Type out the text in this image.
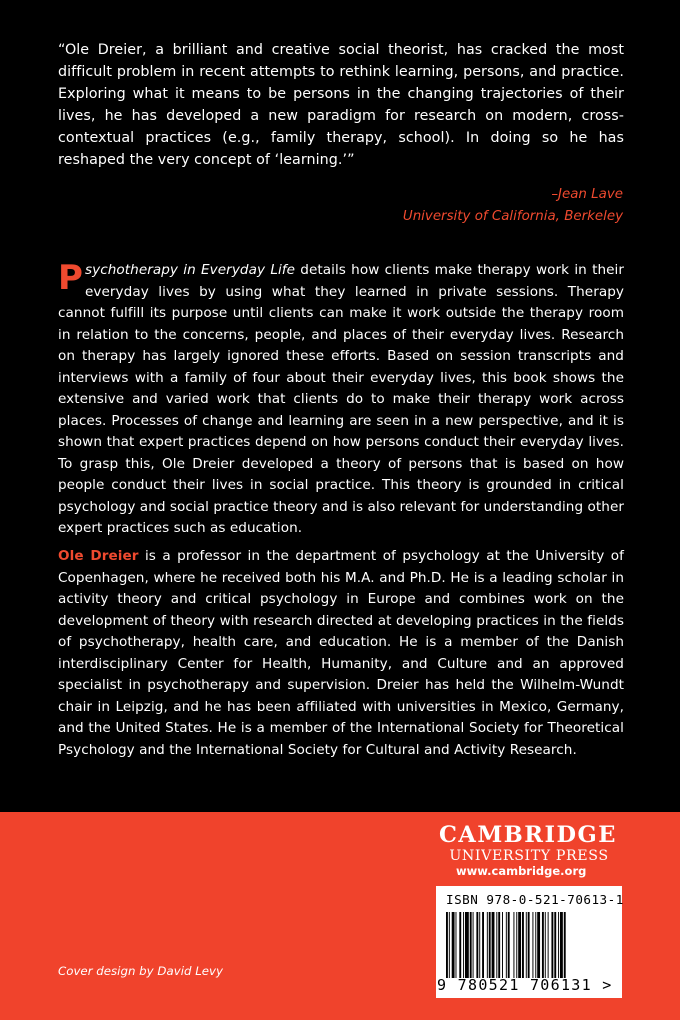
“Ole Dreier, a brilliant and creative social theorist, has cracked the most difficult problem in recent attempts to rethink learning, persons, and practice. Exploring what it means to be persons in the changing trajectories of their lives, he has developed a new paradigm for research on modern, cross-contextual practices (e.g., family therapy, school). In doing so he has reshaped the very concept of ‘learning.’”

–Jean Lave
University of California, Berkeley

Psychotherapy in Everyday Life details how clients make therapy work in their everyday lives by using what they learned in private sessions. Therapy cannot fulfill its purpose until clients can make it work outside the therapy room in relation to the concerns, people, and places of their everyday lives. Research on therapy has largely ignored these efforts. Based on session transcripts and interviews with a family of four about their everyday lives, this book shows the extensive and varied work that clients do to make their therapy work across places. Processes of change and learning are seen in a new perspective, and it is shown that expert practices depend on how persons conduct their everyday lives. To grasp this, Ole Dreier developed a theory of persons that is based on how people conduct their lives in social practice. This theory is grounded in critical psychology and social practice theory and is also relevant for understanding other expert practices such as education.

Ole Dreier is a professor in the department of psychology at the University of Copenhagen, where he received both his M.A. and Ph.D. He is a leading scholar in activity theory and critical psychology in Europe and combines work on the development of theory with research directed at developing practices in the fields of psychotherapy, health care, and education. He is a member of the Danish interdisciplinary Center for Health, Humanity, and Culture and an approved specialist in psychotherapy and supervision. Dreier has held the Wilhelm-Wundt chair in Leipzig, and he has been affiliated with universities in Mexico, Germany, and the United States. He is a member of the International Society for Theoretical Psychology and the International Society for Cultural and Activity Research.

CAMBRIDGE
UNIVERSITY PRESS
www.cambridge.org
ISBN 978-0-521-70613-1
9 780521 706131 >
Cover design by David Levy
